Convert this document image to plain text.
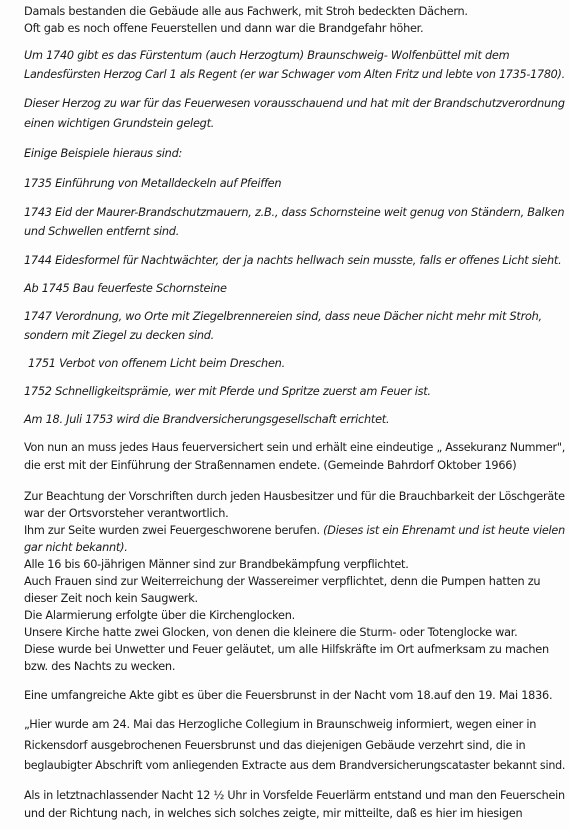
Damals bestanden die Gebäude alle aus Fachwerk, mit Stroh bedeckten Dächern.
Oft gab es noch offene Feuerstellen und dann war die Brandgefahr höher.
Um 1740 gibt es das Fürstentum (auch Herzogtum) Braunschweig- Wolfenbüttel mit dem
Landesfürsten Herzog Carl 1 als Regent (er war Schwager vom Alten Fritz und lebte von 1735-1780).
Dieser Herzog zu war für das Feuerwesen vorausschauend und hat mit der Brandschutzverordnung
einen wichtigen Grundstein gelegt.
Einige Beispiele hieraus sind:
1735 Einführung von Metalldeckeln auf Pfeiffen
1743 Eid der Maurer-Brandschutzmauern, z.B., dass Schornsteine weit genug von Ständern, Balken
und Schwellen entfernt sind.
1744 Eidesformel für Nachtwächter, der ja nachts hellwach sein musste, falls er offenes Licht sieht.
Ab 1745 Bau feuerfeste Schornsteine
1747 Verordnung, wo Orte mit Ziegelbrennereien sind, dass neue Dächer nicht mehr mit Stroh,
sondern mit Ziegel zu decken sind.
1751 Verbot von offenem Licht beim Dreschen.
1752 Schnelligkeitsprämie, wer mit Pferde und Spritze zuerst am Feuer ist.
Am 18. Juli 1753 wird die Brandversicherungsgesellschaft errichtet.
Von nun an muss jedes Haus feuerversichert sein und erhält eine eindeutige „ Assekuranz Nummer",
die erst mit der Einführung der Straßennamen endete. (Gemeinde Bahrdorf Oktober 1966)
Zur Beachtung der Vorschriften durch jeden Hausbesitzer und für die Brauchbarkeit der Löschgeräte
war der Ortsvorsteher verantwortlich.
Ihm zur Seite wurden zwei Feuergeschworene berufen. (Dieses ist ein Ehrenamt und ist heute vielen
gar nicht bekannt).
Alle 16 bis 60-jährigen Männer sind zur Brandbekämpfung verpflichtet.
Auch Frauen sind zur Weiterreichung der Wassereimer verpflichtet, denn die Pumpen hatten zu
dieser Zeit noch kein Saugwerk.
Die Alarmierung erfolgte über die Kirchenglocken.
Unsere Kirche hatte zwei Glocken, von denen die kleinere die Sturm- oder Totenglocke war.
Diese wurde bei Unwetter und Feuer geläutet, um alle Hilfskräfte im Ort aufmerksam zu machen
bzw. des Nachts zu wecken.
Eine umfangreiche Akte gibt es über die Feuersbrunst in der Nacht vom 18.auf den 19. Mai 1836.
„Hier wurde am 24. Mai das Herzogliche Collegium in Braunschweig informiert, wegen einer in
Rickensdorf ausgebrochenen Feuersbrunst und das diejenigen Gebäude verzehrt sind, die in
beglaubigter Abschrift vom anliegenden Extracte aus dem Brandversicherungscataster bekannt sind.
Als in letztnachlassender Nacht 12 ½ Uhr in Vorsfelde Feuerlärm entstand und man den Feuerschein
und der Richtung nach, in welches sich solches zeigte, mir mitteilte, daß es hier im hiesigen
